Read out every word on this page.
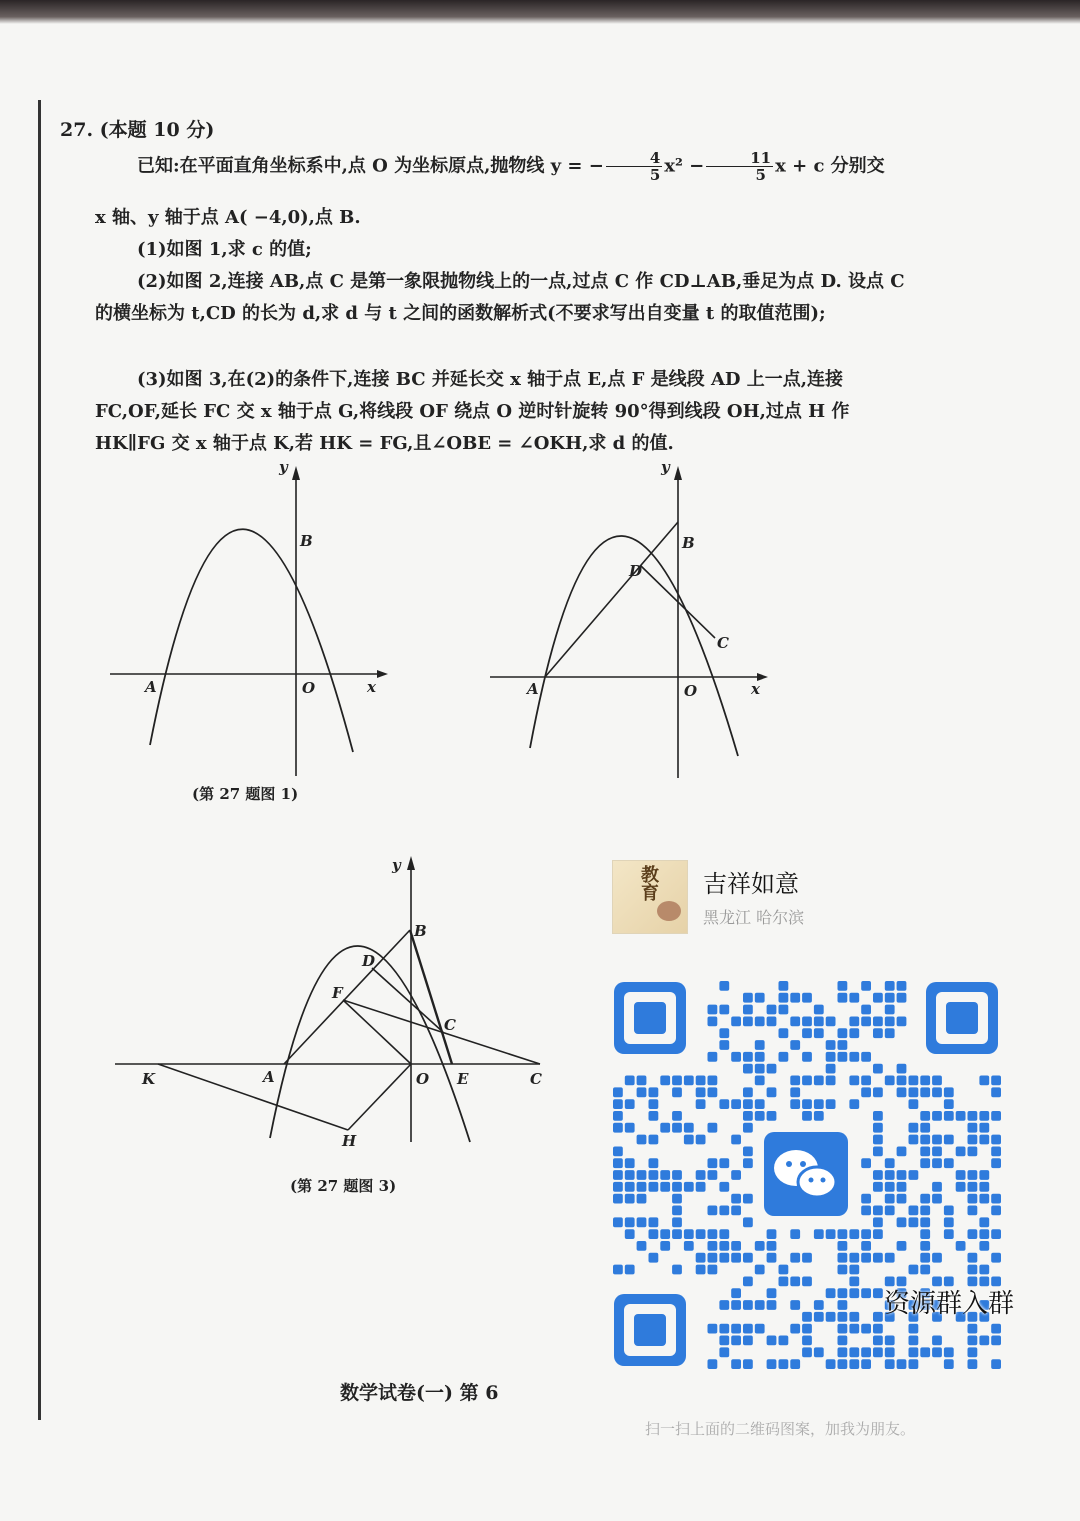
27. (本题 10 分)
已知:在平面直角坐标系中,点 O 为坐标原点,抛物线 y = − $\frac{4}{5} x^2 - \frac{11}{5}$ x + c 分别交
x 轴、y 轴于点 A( −4,0),点 B.
(1)如图 1,求 c 的值;
(2)如图 2,连接 AB,点 C 是第一象限抛物线上的一点,过点 C 作 CD⊥AB,垂足为点 D. 设点 C 的横坐标为 t,CD 的长为 d,求 d 与 t 之间的函数解析式(不要求写出自变量 t 的取值范围);
(3)如图 3,在(2)的条件下,连接 BC 并延长交 x 轴于点 E,点 F 是线段 AD 上一点,连接FC,OF,延长 FC 交 x 轴于点 G,将线段 OF 绕点 O 逆时针旋转 90°得到线段 OH,过点 H 作 HK∥FG 交 x 轴于点 K,若 HK = FG,且∠OBE = ∠OKH,求 d 的值.
y
x
A	O
B
(第 27 题图 1)
y
x
A	O
B
D
C
y
K	A	O E	C
B
D
F
C
H
(第 27 题图 3)
数学试卷(一) 第 6
教育 吉祥如意
黑龙江 哈尔滨
资源群入群
扫一扫上面的二维码图案，加我为朋友。
